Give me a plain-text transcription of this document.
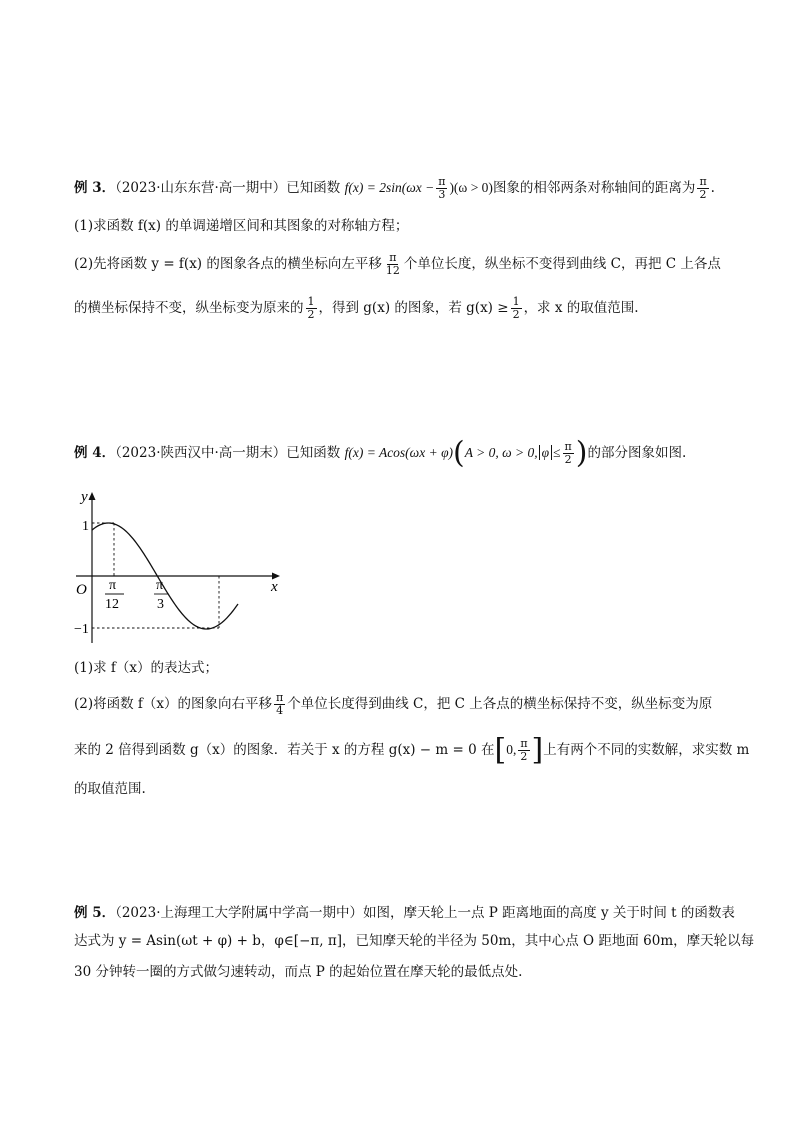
例 3．（2023·山东东营·高一期中）已知函数 $f(x) = 2\sin(\omega x - \frac{\pi}{3} )(\omega > 0)$图象的相邻两条对称轴间的距离为 $\frac{\pi}{2}$ .
(1)求函数 f(x) 的单调递增区间和其图象的对称轴方程；
(2)先将函数 y = f(x) 的图象各点的横坐标向左平移 $\frac{\pi}{12}$ 个单位长度，纵坐标不变得到曲线 C，再把 C 上各点
的横坐标保持不变，纵坐标变为原来的 $\frac{1}{2}$ ，得到 g(x) 的图象，若 $g(x) \ge \frac{1}{2}$ ，求 x 的取值范围.
例 4．（2023·陕西汉中·高一期末）已知函数 f(x) = Acos(ωx + φ)(A > 0, ω > 0, $\varphi \le \frac{\pi}{2}$ )的部分图象如图.
y
x
O
1
−1
π
12
π
3
(1)求 f（x）的表达式；
(2)将函数 f（x）的图象向右平移 $\frac{\pi}{4}$ 个单位长度得到曲线 C，把 C 上各点的横坐标保持不变，纵坐标变为原
来的 2 倍得到函数 g（x）的图象．若关于 x 的方程 g(x) − m = 0 在[0, $\frac{\pi}{2}$ ]上有两个不同的实数解，求实数 m
的取值范围.
例 5．（2023·上海理工大学附属中学高一期中）如图，摩天轮上一点 P 距离地面的高度 y 关于时间 t 的函数表
达式为 y = Asin(ωt + φ) + b，φ∈[−π, π]，已知摩天轮的半径为 50m，其中心点 O 距地面 60m，摩天轮以每
30 分钟转一圈的方式做匀速转动，而点 P 的起始位置在摩天轮的最低点处.
